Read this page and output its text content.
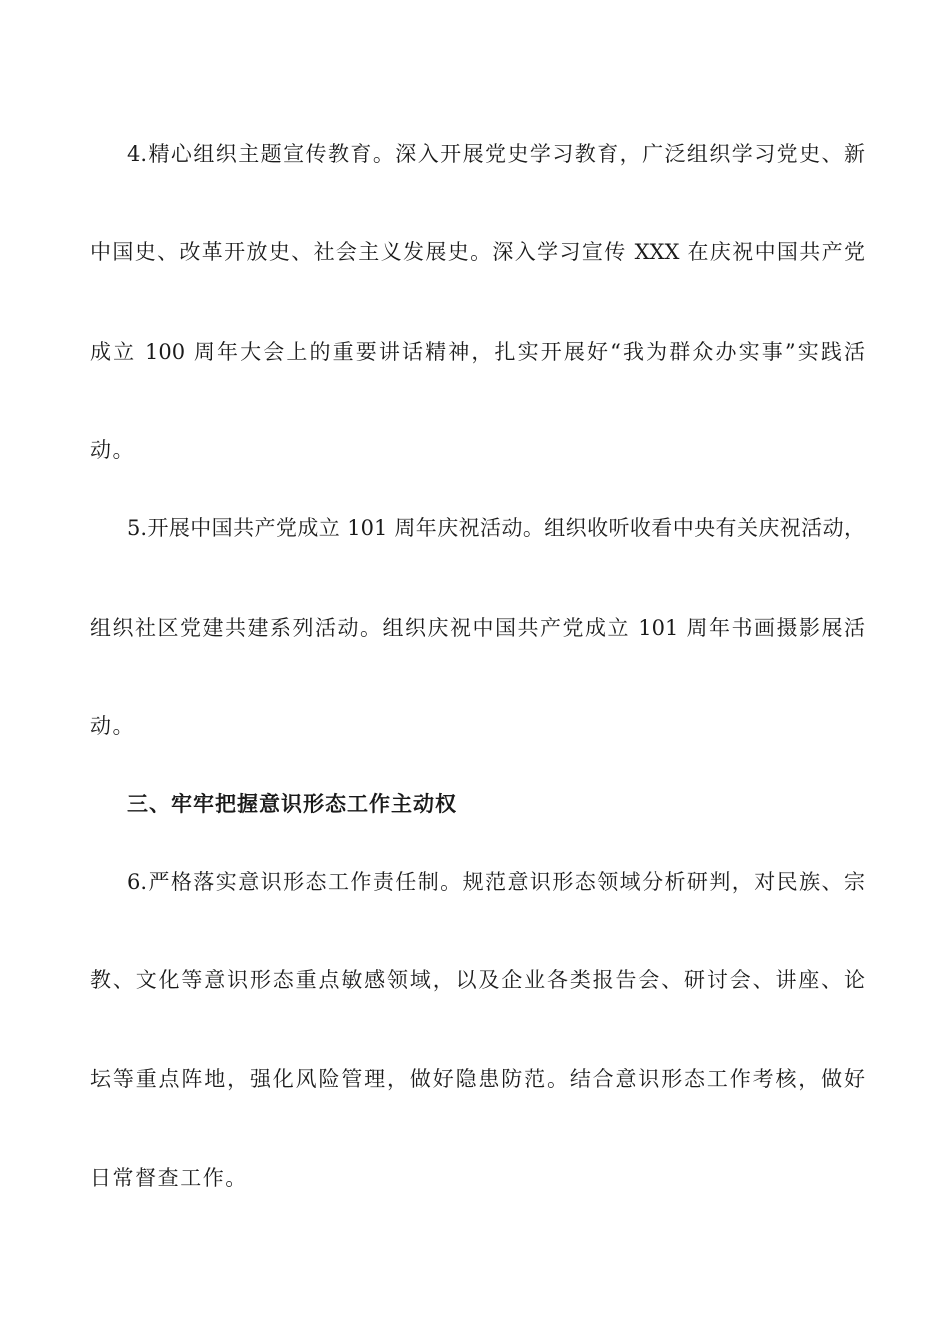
4.精心组织主题宣传教育。深入开展党史学习教育，广泛组织学习党史、新
中国史、改革开放史、社会主义发展史。深入学习宣传 XXX 在庆祝中国共产党
成立 100 周年大会上的重要讲话精神，扎实开展好“我为群众办实事”实践活
动。
5.开展中国共产党成立 101 周年庆祝活动。组织收听收看中央有关庆祝活动，
组织社区党建共建系列活动。组织庆祝中国共产党成立 101 周年书画摄影展活
动。
三、牢牢把握意识形态工作主动权
6.严格落实意识形态工作责任制。规范意识形态领域分析研判，对民族、宗
教、文化等意识形态重点敏感领域，以及企业各类报告会、研讨会、讲座、论
坛等重点阵地，强化风险管理，做好隐患防范。结合意识形态工作考核，做好
日常督查工作。
